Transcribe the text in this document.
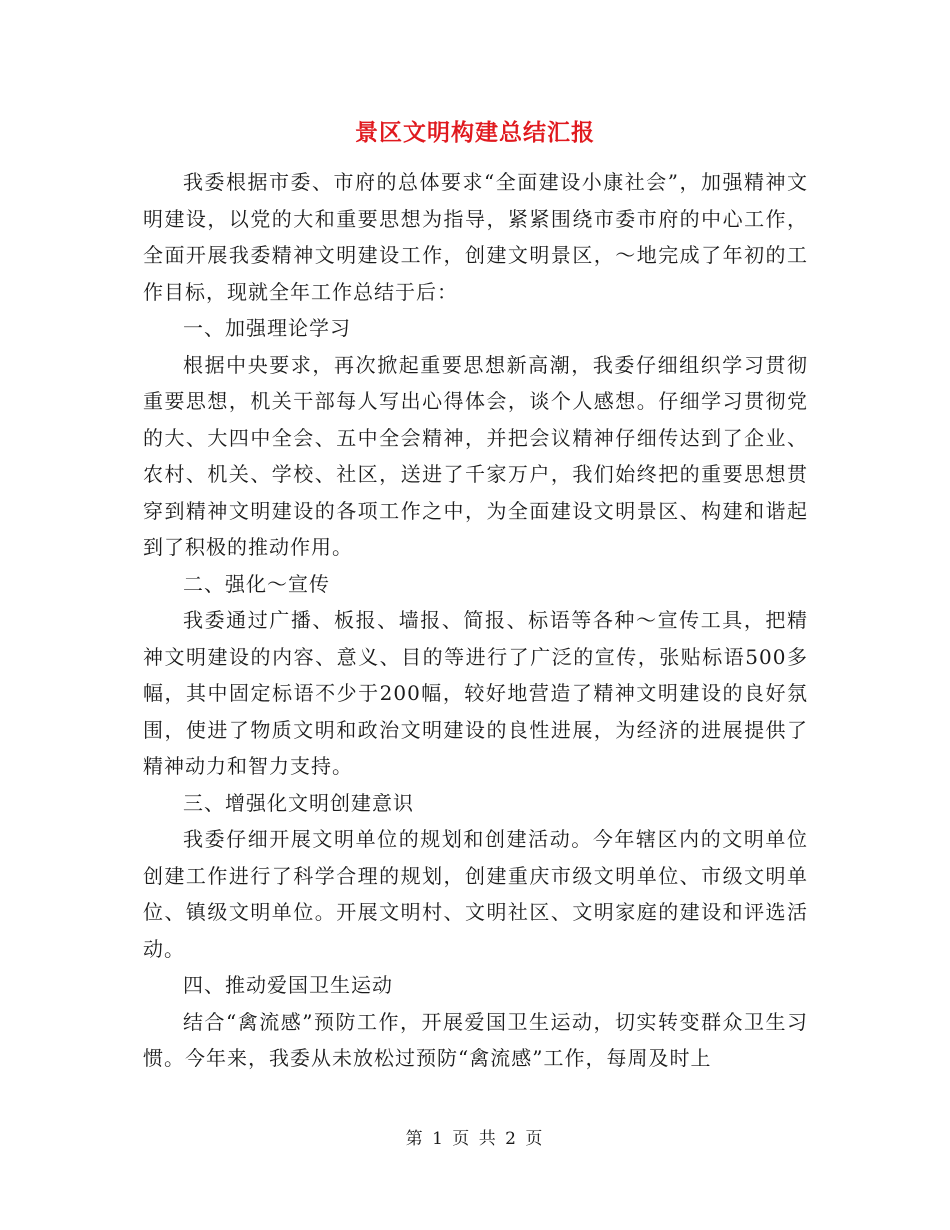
景区文明构建总结汇报

我委根据市委、市府的总体要求“全面建设小康社会”，加强精神文明建设，以党的大和重要思想为指导，紧紧围绕市委市府的中心工作，全面开展我委精神文明建设工作，创建文明景区，～地完成了年初的工作目标，现就全年工作总结于后：

一、加强理论学习

根据中央要求，再次掀起重要思想新高潮，我委仔细组织学习贯彻重要思想，机关干部每人写出心得体会，谈个人感想。仔细学习贯彻党的大、大四中全会、五中全会精神，并把会议精神仔细传达到了企业、农村、机关、学校、社区，送进了千家万户，我们始终把的重要思想贯穿到精神文明建设的各项工作之中，为全面建设文明景区、构建和谐起到了积极的推动作用。

二、强化～宣传

我委通过广播、板报、墙报、简报、标语等各种～宣传工具，把精神文明建设的内容、意义、目的等进行了广泛的宣传，张贴标语500多幅，其中固定标语不少于200幅，较好地营造了精神文明建设的良好氛围，使进了物质文明和政治文明建设的良性进展，为经济的进展提供了精神动力和智力支持。

三、增强化文明创建意识

我委仔细开展文明单位的规划和创建活动。今年辖区内的文明单位创建工作进行了科学合理的规划，创建重庆市级文明单位、市级文明单位、镇级文明单位。开展文明村、文明社区、文明家庭的建设和评选活动。

四、推动爱国卫生运动

结合“禽流感”预防工作，开展爱国卫生运动，切实转变群众卫生习惯。今年来，我委从未放松过预防“禽流感”工作，每周及时上

第 1 页 共 2 页
